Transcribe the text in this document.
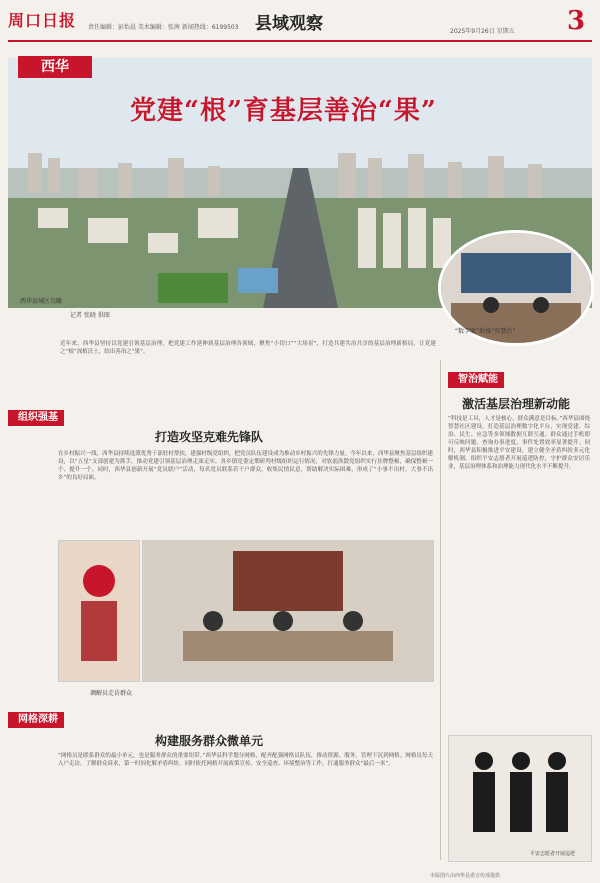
周口日报 责任编辑：彭怡晨 美术编辑：张茜 新闻热线：6199503 县域观察	2025年9月26日 星期五 3
西华
党建“根”育基层善治“果”
西华县城区鸟瞰
“数字赋”助推“智慧治”
记者 张晓 供图
近年来，西华县坚持以党建引领基层治理，把党建工作延伸到基层治理各领域，聚焦“小切口”“大场景”，打造共建共治共享的基层治理新格局，让党建之“根”深植沃土，结出善治之“果”。
组织强基
打造攻坚克难先锋队
在乡村振兴一线，西华县持续选派优秀干部驻村帮扶，建强村级党组织，把党员队伍建设成为推动乡村振兴的先锋力量。今年以来，西华县聚焦基层组织建设，以“五星”支部创建为抓手，推动党建引领基层治理走深走实。各乡镇党委定期研判村级组织运行情况，对软弱涣散党组织实行挂牌整顿，确保整顿一个、提升一个。同时，西华县创新开展“党员联户”活动，每名党员联系若干户群众，收集民情民意，帮助解决实际困难，形成了“小事不出村、大事不出乡”的良好局面。
调解员走访群众
网格深耕
构建服务群众微单元
“网格员是联系群众的最小单元，也是服务群众的重要纽带。”西华县科学划分网格，配齐配强网格员队伍，推动资源、服务、管理下沉到网格。网格员每天入户走访，了解群众诉求，第一时间化解矛盾纠纷。同时依托网格开展政策宣传、安全巡查、环境整治等工作，打通服务群众“最后一米”。
智治赋能
激活基层治理新动能
“科技是工具，人才是核心，群众满意是目标。”西华县围绕智慧社区建设，打造基层治理数字化平台，实现党建、综治、民生、应急等多领域数据互联互通。群众通过手机即可反映问题、查询办事进度，事件处置效率显著提升。同时，西华县积极推进平安建设，建立健全矛盾纠纷多元化解机制，组织平安志愿者开展巡逻防控，守护群众安居乐业，基层治理体系和治理能力现代化水平不断提升。
平安志愿者开展巡逻
本版图片由西华县委宣传部提供
